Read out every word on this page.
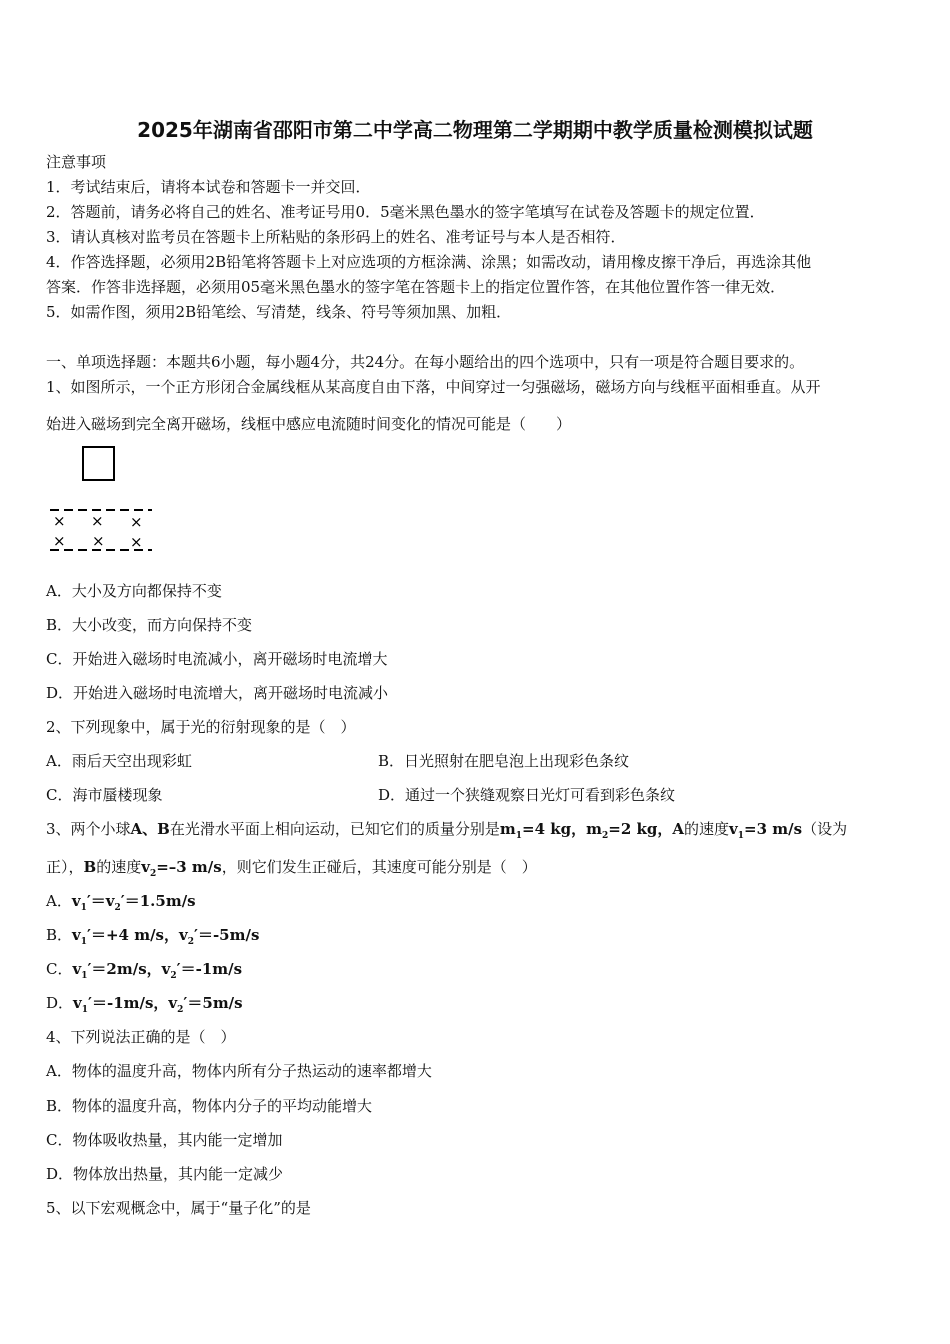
2025年湖南省邵阳市第二中学高二物理第二学期期中教学质量检测模拟试题
注意事项
1．考试结束后，请将本试卷和答题卡一并交回．
2．答题前，请务必将自己的姓名、准考证号用0．5毫米黑色墨水的签字笔填写在试卷及答题卡的规定位置．
3．请认真核对监考员在答题卡上所粘贴的条形码上的姓名、准考证号与本人是否相符．
4．作答选择题，必须用2B铅笔将答题卡上对应选项的方框涂满、涂黑；如需改动，请用橡皮擦干净后，再选涂其他
答案．作答非选择题，必须用05毫米黑色墨水的签字笔在答题卡上的指定位置作答，在其他位置作答一律无效．
5．如需作图，须用2B铅笔绘、写清楚，线条、符号等须加黑、加粗．
一、单项选择题：本题共6小题，每小题4分，共24分。在每小题给出的四个选项中，只有一项是符合题目要求的。
1、如图所示，一个正方形闭合金属线框从某高度自由下落，中间穿过一匀强磁场，磁场方向与线框平面相垂直。从开
始进入磁场到完全离开磁场，线框中感应电流随时间变化的情况可能是（　　）
× × ×
× × ×
A．大小及方向都保持不变
B．大小改变，而方向保持不变
C．开始进入磁场时电流减小，离开磁场时电流增大
D．开始进入磁场时电流增大，离开磁场时电流减小
2、下列现象中，属于光的衍射现象的是（　）
A．雨后天空出现彩虹	B．日光照射在肥皂泡上出现彩色条纹
C．海市蜃楼现象	D．通过一个狭缝观察日光灯可看到彩色条纹
3、两个小球A、B在光滑水平面上相向运动，已知它们的质量分别是$m_1=4$ kg，$m_2=2$ kg，A的速度$v_1=3$ m/s（设为
正），B的速度$v_2=-3$ m/s，则它们发生正碰后，其速度可能分别是（　）
A．$v_1'=v_2'=1.5m/s$
B．$v_1'=+4$ m/s，$v_2'=-5m/s$
C．$v_1'=2m/s$，$v_2'=-1m/s$
D．$v_1'=-1m/s$，$v_2'=5m/s$
4、下列说法正确的是（　）
A．物体的温度升高，物体内所有分子热运动的速率都增大
B．物体的温度升高，物体内分子的平均动能增大
C．物体吸收热量，其内能一定增加
D．物体放出热量，其内能一定减少
5、以下宏观概念中，属于“量子化”的是
